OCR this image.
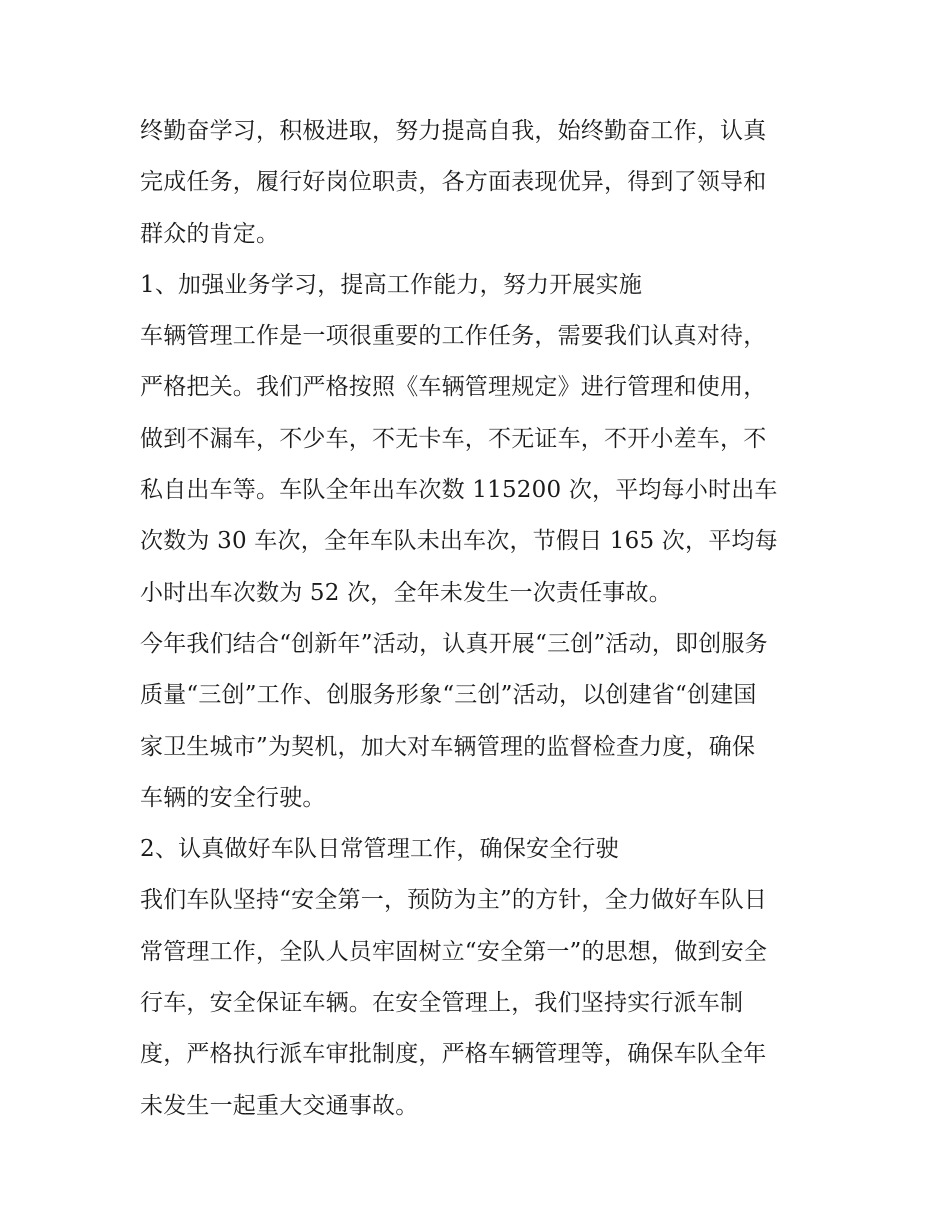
终勤奋学习，积极进取，努力提高自我，始终勤奋工作，认真
完成任务，履行好岗位职责，各方面表现优异，得到了领导和
群众的肯定。
1、加强业务学习，提高工作能力，努力开展实施
车辆管理工作是一项很重要的工作任务，需要我们认真对待，
严格把关。我们严格按照《车辆管理规定》进行管理和使用，
做到不漏车，不少车，不无卡车，不无证车，不开小差车，不
私自出车等。车队全年出车次数 115200 次，平均每小时出车
次数为 30 车次，全年车队未出车次，节假日 165 次，平均每
小时出车次数为 52 次，全年未发生一次责任事故。
今年我们结合“创新年”活动，认真开展“三创”活动，即创服务
质量“三创”工作、创服务形象“三创”活动，以创建省“创建国
家卫生城市”为契机，加大对车辆管理的监督检查力度，确保
车辆的安全行驶。
2、认真做好车队日常管理工作，确保安全行驶
我们车队坚持“安全第一，预防为主”的方针，全力做好车队日
常管理工作，全队人员牢固树立“安全第一”的思想，做到安全
行车，安全保证车辆。在安全管理上，我们坚持实行派车制
度，严格执行派车审批制度，严格车辆管理等，确保车队全年
未发生一起重大交通事故。
